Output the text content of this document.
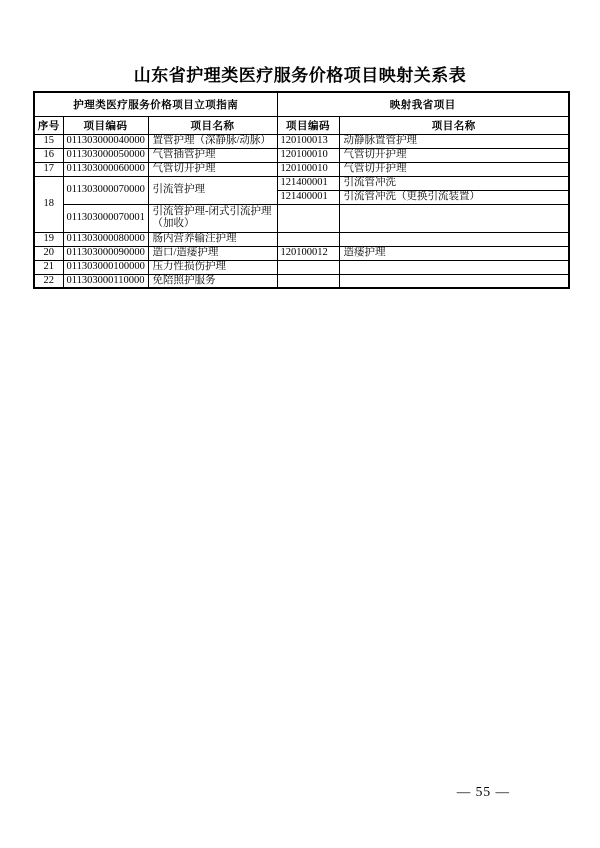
山东省护理类医疗服务价格项目映射关系表
护理类医疗服务价格项目立项指南			映射我省项目	
序号	项目编码	项目名称	项目编码	项目名称
15	011303000040000	置管护理（深静脉/动脉）	120100013	动静脉置管护理
16	011303000050000	气管插管护理	120100010	气管切开护理
17	011303000060000	气管切开护理	120100010	气管切开护理
18	011303000070000	引流管护理	121400001	引流管冲洗
			121400001	引流管冲洗（更换引流装置）
	011303000070001	引流管护理-闭式引流护理（加收）		
19	011303000080000	肠内营养输注护理		
20	011303000090000	造口/造瘘护理	120100012	造瘘护理
21	011303000100000	压力性损伤护理		
22	011303000110000	免陪照护服务		
— 55 —
